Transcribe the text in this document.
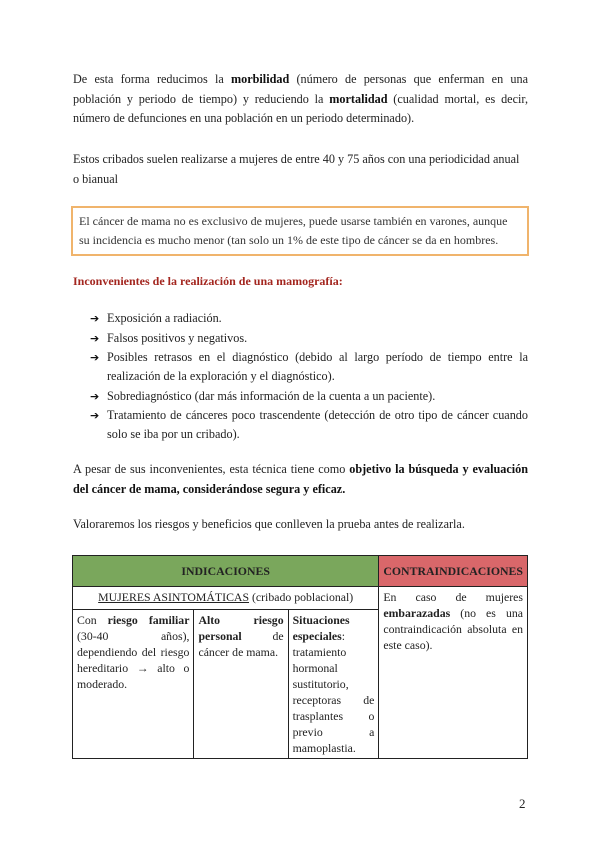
De esta forma reducimos la morbilidad (número de personas que enferman en una población y periodo de tiempo) y reduciendo la mortalidad (cualidad mortal, es decir, número de defunciones en una población en un periodo determinado).
Estos cribados suelen realizarse a mujeres de entre 40 y 75 años con una periodicidad anual o bianual
El cáncer de mama no es exclusivo de mujeres, puede usarse también en varones, aunque su incidencia es mucho menor (tan solo un 1% de este tipo de cáncer se da en hombres.
Inconvenientes de la realización de una mamografía:
➔ Exposición a radiación.
➔ Falsos positivos y negativos.
➔ Posibles retrasos en el diagnóstico (debido al largo período de tiempo entre la realización de la exploración y el diagnóstico).
➔ Sobrediagnóstico (dar más información de la cuenta a un paciente).
➔ Tratamiento de cánceres poco trascendente (detección de otro tipo de cáncer cuando solo se iba por un cribado).
A pesar de sus inconvenientes, esta técnica tiene como objetivo la búsqueda y evaluación del cáncer de mama, considerándose segura y eficaz.
Valoraremos los riesgos y beneficios que conlleven la prueba antes de realizarla.
INDICACIONES			CONTRAINDICACIONES
MUJERES ASINTOMÁTICAS (cribado poblacional)			En caso de mujeres embarazadas (no es una contraindicación absoluta en este caso).
Con riesgo familiar (30-40 años), dependiendo del riesgo hereditario → alto o moderado.	Alto riesgo personal de cáncer de mama.	Situaciones especiales: tratamiento hormonal sustitutorio, receptoras de trasplantes o previo a mamoplastia.	
2
